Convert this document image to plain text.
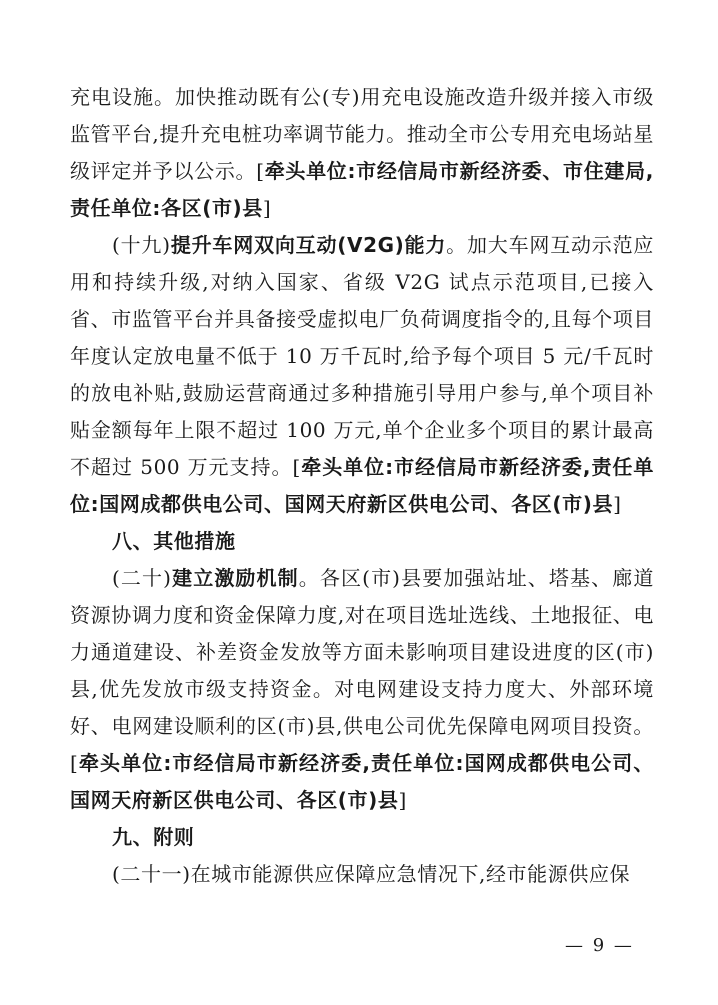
充电设施。加快推动既有公(专)用充电设施改造升级并接入市级监管平台,提升充电桩功率调节能力。推动全市公专用充电场站星级评定并予以公示。[牵头单位:市经信局市新经济委、市住建局,责任单位:各区(市)县]

(十九)提升车网双向互动(V2G)能力。加大车网互动示范应用和持续升级,对纳入国家、省级 V2G 试点示范项目,已接入省、市监管平台并具备接受虚拟电厂负荷调度指令的,且每个项目年度认定放电量不低于 10 万千瓦时,给予每个项目 5 元/千瓦时的放电补贴,鼓励运营商通过多种措施引导用户参与,单个项目补贴金额每年上限不超过 100 万元,单个企业多个项目的累计最高不超过 500 万元支持。[牵头单位:市经信局市新经济委,责任单位:国网成都供电公司、国网天府新区供电公司、各区(市)县]

八、其他措施

(二十)建立激励机制。各区(市)县要加强站址、塔基、廊道资源协调力度和资金保障力度,对在项目选址选线、土地报征、电力通道建设、补差资金发放等方面未影响项目建设进度的区(市)县,优先发放市级支持资金。对电网建设支持力度大、外部环境好、电网建设顺利的区(市)县,供电公司优先保障电网项目投资。[牵头单位:市经信局市新经济委,责任单位:国网成都供电公司、国网天府新区供电公司、各区(市)县]

九、附则

(二十一)在城市能源供应保障应急情况下,经市能源供应保

— 9 —
